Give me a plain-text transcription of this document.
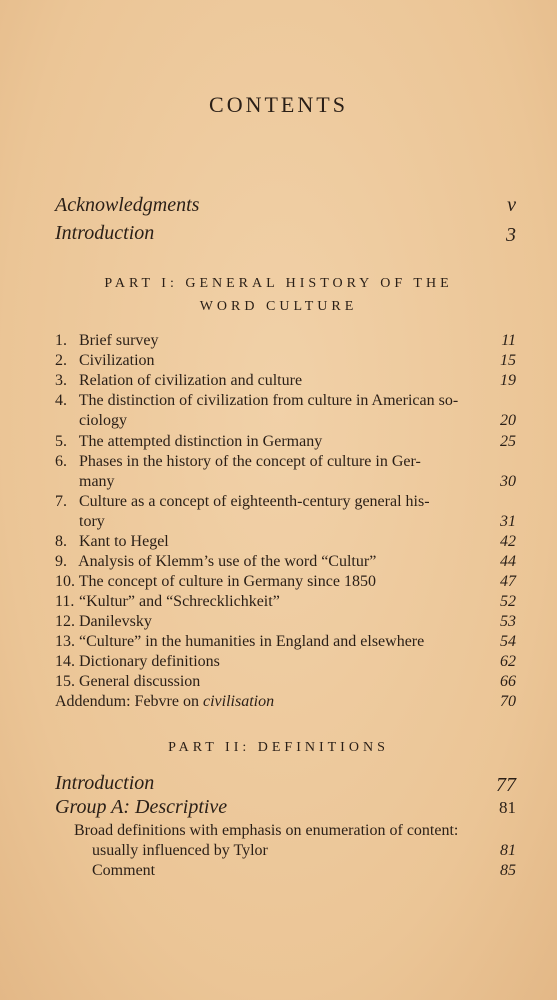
CONTENTS
Acknowledgments	v
Introduction	3
PART I: GENERAL HISTORY OF THE
WORD CULTURE
1. Brief survey	11
2. Civilization	15
3. Relation of civilization and culture	19
4. The distinction of civilization from culture in American so-
ciology	20
5. The attempted distinction in Germany	25
6. Phases in the history of the concept of culture in Ger-
many	30
7. Culture as a concept of eighteenth-century general his-
tory	31
8. Kant to Hegel	42
9. Analysis of Klemm’s use of the word “Cultur”	44
10. The concept of culture in Germany since 1850	47
11. “Kultur” and “Schrecklichkeit”	52
12. Danilevsky	53
13. “Culture” in the humanities in England and elsewhere	54
14. Dictionary definitions	62
15. General discussion	66
Addendum: Febvre on civilisation	70
PART II: DEFINITIONS
Introduction	77
Group A: Descriptive	81
Broad definitions with emphasis on enumeration of content:
usually influenced by Tylor	81
Comment	85
